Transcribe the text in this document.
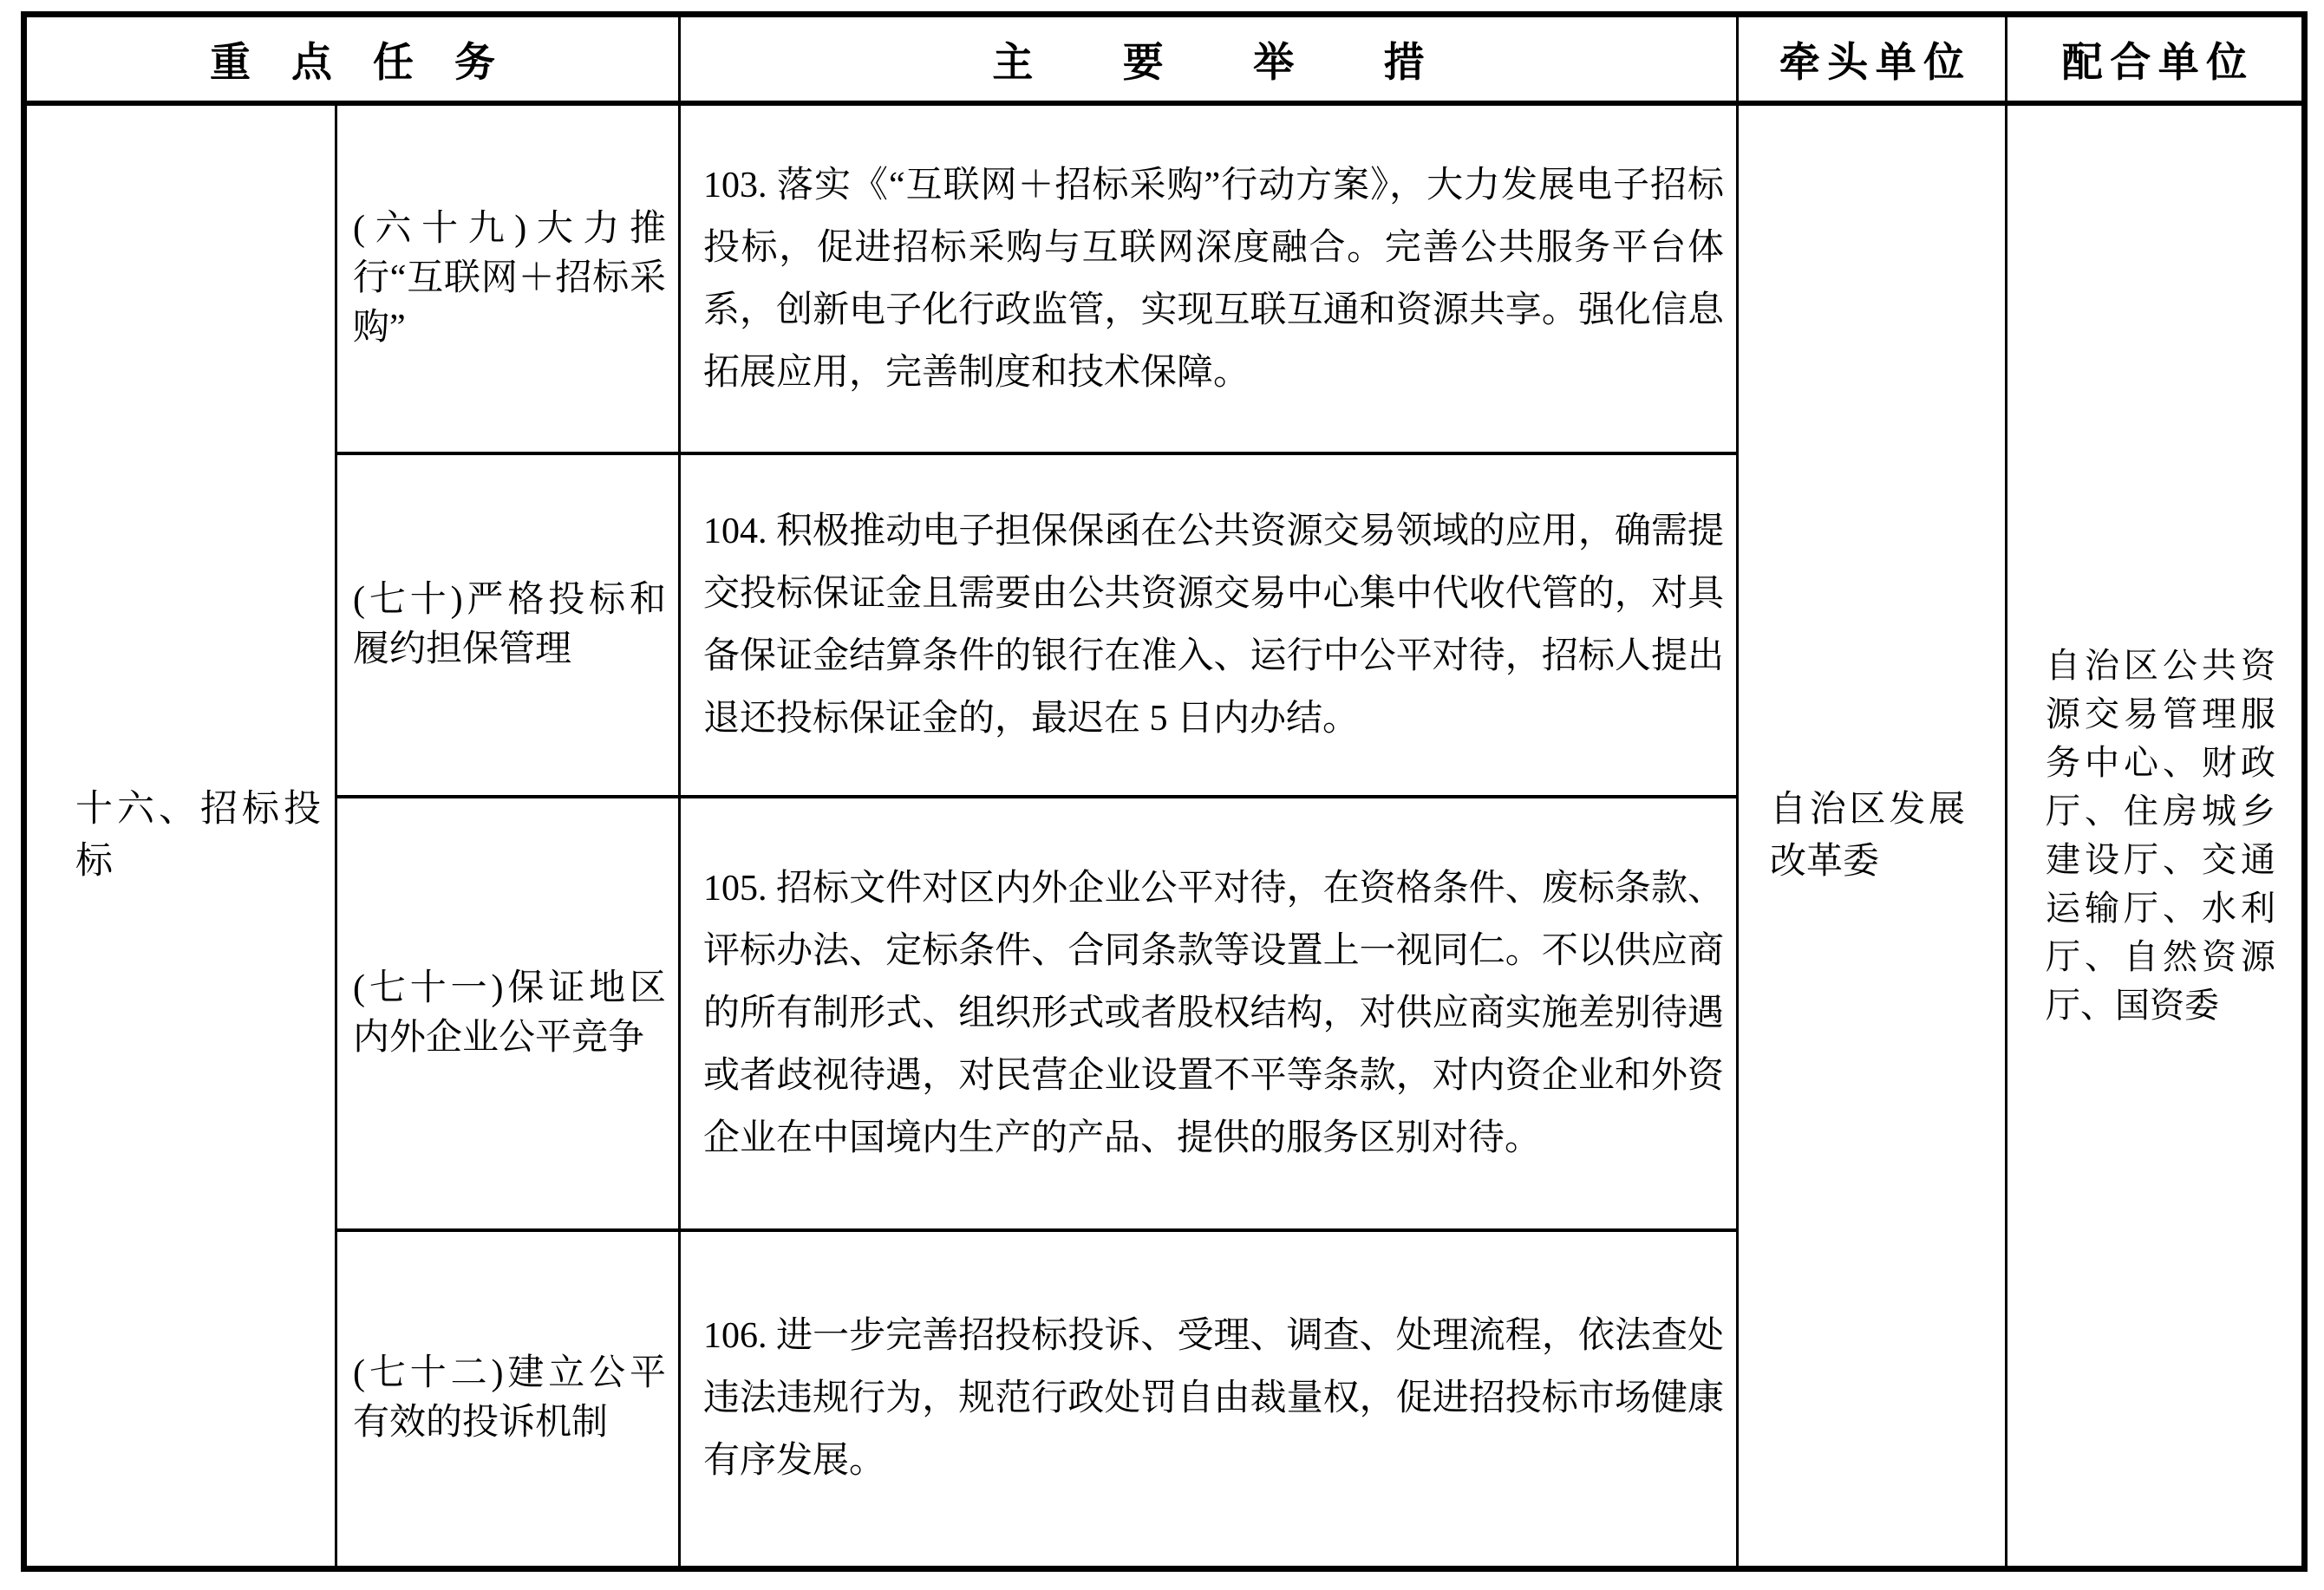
重点任务		主要举措	牵头单位	配合单位
十六、招标投标	(六十九)大力推行“互联网＋招标采购”	103. 落实《“互联网＋招标采购”行动方案》，大力发展电子招标投标，促进招标采购与互联网深度融合。完善公共服务平台体系，创新电子化行政监管，实现互联互通和资源共享。强化信息拓展应用，完善制度和技术保障。	自治区发展改革委	自治区公共资源交易管理服务中心、财政厅、住房城乡建设厅、交通运输厅、水利厅、自然资源厅、国资委
	(七十)严格投标和履约担保管理	104. 积极推动电子担保保函在公共资源交易领域的应用，确需提交投标保证金且需要由公共资源交易中心集中代收代管的，对具备保证金结算条件的银行在准入、运行中公平对待，招标人提出退还投标保证金的，最迟在 5 日内办结。		
	(七十一)保证地区内外企业公平竞争	105. 招标文件对区内外企业公平对待，在资格条件、废标条款、评标办法、定标条件、合同条款等设置上一视同仁。不以供应商的所有制形式、组织形式或者股权结构，对供应商实施差别待遇或者歧视待遇，对民营企业设置不平等条款，对内资企业和外资企业在中国境内生产的产品、提供的服务区别对待。		
	(七十二)建立公平有效的投诉机制	106. 进一步完善招投标投诉、受理、调查、处理流程，依法查处违法违规行为，规范行政处罚自由裁量权，促进招投标市场健康有序发展。		
